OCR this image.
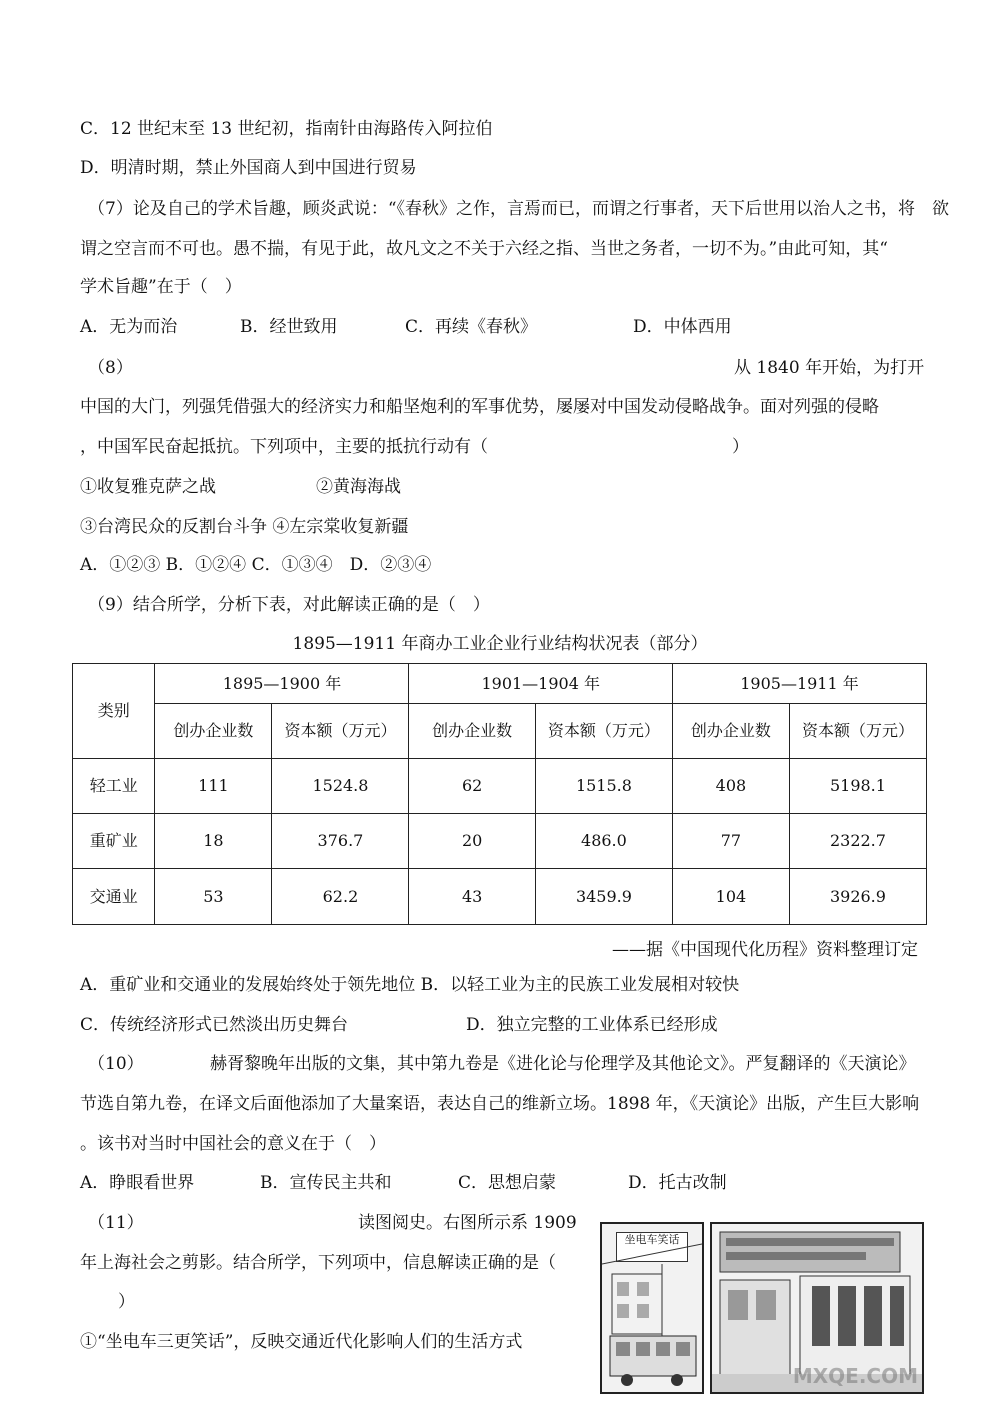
C．12 世纪末至 13 世纪初，指南针由海路传入阿拉伯
D．明清时期，禁止外国商人到中国进行贸易
（7）论及自己的学术旨趣，顾炎武说：“《春秋》之作，言焉而已，而谓之行事者，天下后世用以治人之书，将　欲
谓之空言而不可也。愚不揣，有见于此，故凡文之不关于六经之指、当世之务者，一切不为。”由此可知，其“
学术旨趣”在于（　）
A．无为而治	B．经世致用	C．再续《春秋》	D．中体西用
（8）	从 1840 年开始，为打开
中国的大门，列强凭借强大的经济实力和船坚炮利的军事优势，屡屡对中国发动侵略战争。面对列强的侵略
，中国军民奋起抵抗。下列项中，主要的抵抗行动有（	）
①收复雅克萨之战	②黄海海战
③台湾民众的反割台斗争 ④左宗棠收复新疆
A．①②③ B．①②④ C．①③④　D．②③④
（9）结合所学，分析下表，对此解读正确的是（　）
1895—1911 年商办工业企业行业结构状况表（部分）
类别	1895—1900 年		1901—1904 年		1905—1911 年	
	创办企业数	资本额（万元）	创办企业数	资本额（万元）	创办企业数	资本额（万元）
轻工业	111	1524.8	62	1515.8	408	5198.1
重矿业	18	376.7	20	486.0	77	2322.7
交通业	53	62.2	43	3459.9	104	3926.9
——据《中国现代化历程》资料整理订定
A．重矿业和交通业的发展始终处于领先地位 B．以轻工业为主的民族工业发展相对较快
C．传统经济形式已然淡出历史舞台	D．独立完整的工业体系已经形成
（10）	赫胥黎晚年出版的文集，其中第九卷是《进化论与伦理学及其他论文》。严复翻译的《天演论》
节选自第九卷，在译文后面他添加了大量案语，表达自己的维新立场。1898 年，《天演论》出版，产生巨大影响
。该书对当时中国社会的意义在于（　）
A．睁眼看世界	B．宣传民主共和	C．思想启蒙	D．托古改制
（11）	读图阅史。右图所示系 1909
年上海社会之剪影。结合所学，下列项中，信息解读正确的是（
）
①“坐电车三更笑话”，反映交通近代化影响人们的生活方式
坐电车笑话
MXQE.COM
